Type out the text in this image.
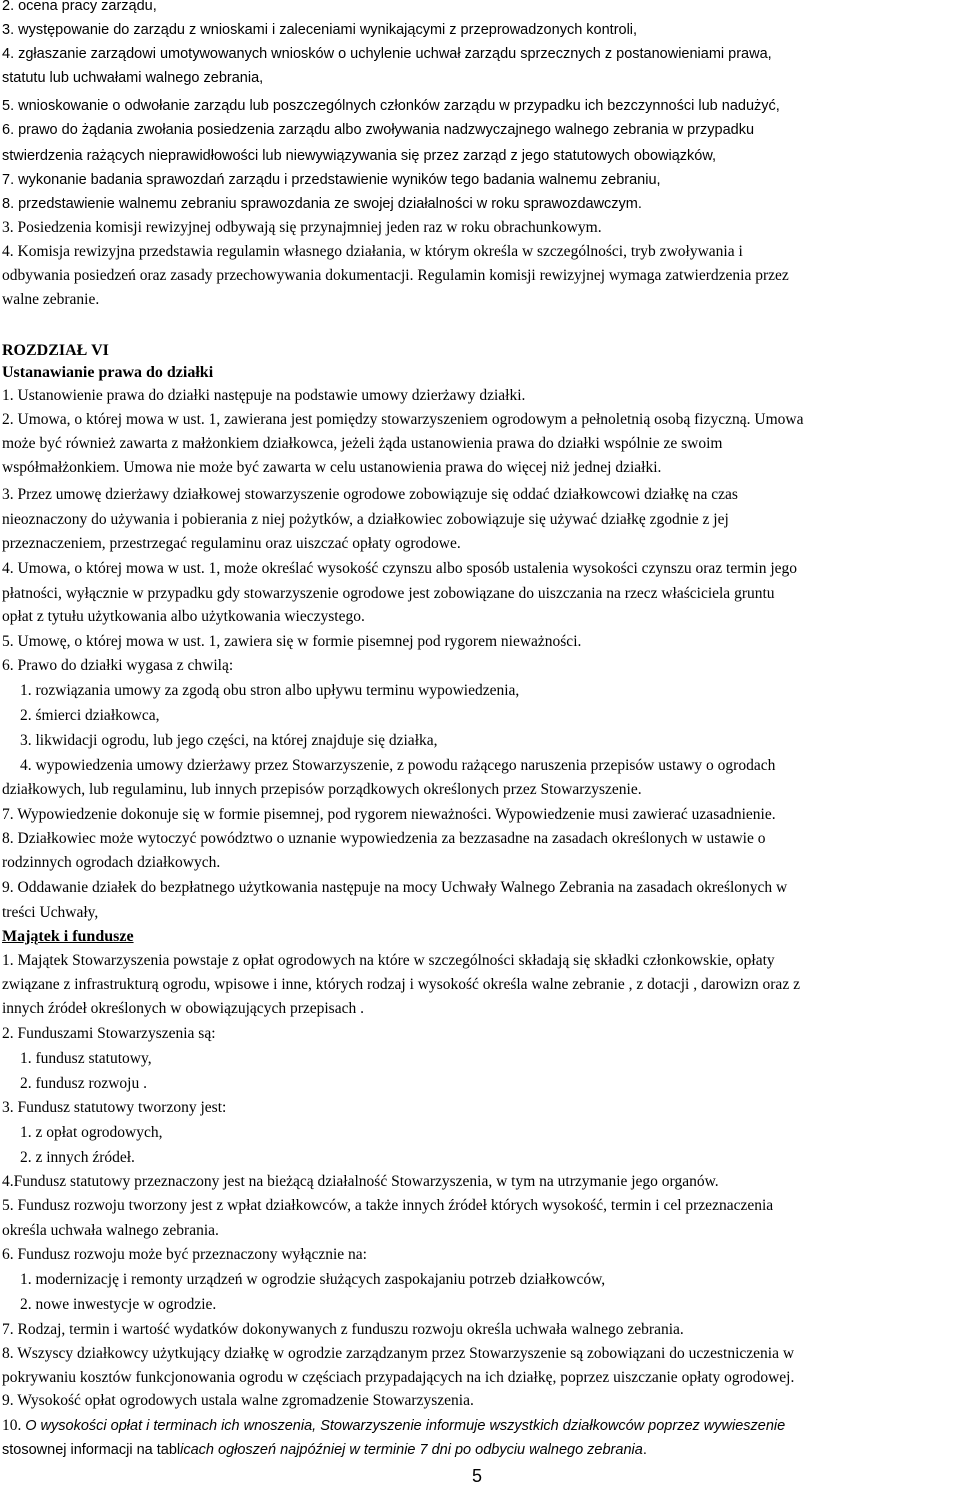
2. ocena pracy zarządu,
3. występowanie do zarządu z wnioskami i zaleceniami wynikającymi z przeprowadzonych kontroli,
4. zgłaszanie zarządowi umotywowanych wniosków o uchylenie uchwał zarządu sprzecznych z postanowieniami prawa,
statutu lub uchwałami walnego zebrania,
5. wnioskowanie o odwołanie zarządu lub poszczególnych członków zarządu w przypadku ich bezczynności lub nadużyć,
6. prawo do żądania zwołania posiedzenia zarządu albo zwoływania nadzwyczajnego walnego zebrania w przypadku
stwierdzenia rażących nieprawidłowości lub niewywiązywania się przez zarząd z jego statutowych obowiązków,
7. wykonanie badania sprawozdań zarządu i przedstawienie wyników tego badania walnemu zebraniu,
8. przedstawienie walnemu zebraniu sprawozdania ze swojej działalności w roku sprawozdawczym.
3. Posiedzenia komisji rewizyjnej odbywają się przynajmniej jeden raz w roku obrachunkowym.
4. Komisja rewizyjna przedstawia regulamin własnego działania, w którym określa w szczególności, tryb zwoływania i
odbywania posiedzeń oraz zasady przechowywania dokumentacji. Regulamin komisji rewizyjnej wymaga zatwierdzenia przez
walne zebranie.
ROZDZIAŁ VI
Ustanawianie prawa do działki
1. Ustanowienie prawa do działki następuje na podstawie umowy dzierżawy działki.
2. Umowa, o której mowa w ust. 1, zawierana jest pomiędzy stowarzyszeniem ogrodowym a pełnoletnią osobą fizyczną. Umowa
może być również zawarta z małżonkiem działkowca, jeżeli żąda ustanowienia prawa do działki wspólnie ze swoim
współmałżonkiem. Umowa nie może być zawarta w celu ustanowienia prawa do więcej niż jednej działki.
3. Przez umowę dzierżawy działkowej stowarzyszenie ogrodowe zobowiązuje się oddać działkowcowi działkę na czas
nieoznaczony do używania i pobierania z niej pożytków, a działkowiec zobowiązuje się używać działkę zgodnie z jej
przeznaczeniem, przestrzegać regulaminu oraz uiszczać opłaty ogrodowe.
4. Umowa, o której mowa w ust. 1, może określać wysokość czynszu albo sposób ustalenia wysokości czynszu oraz termin jego
płatności, wyłącznie w przypadku gdy stowarzyszenie ogrodowe jest zobowiązane do uiszczania na rzecz właściciela gruntu
opłat z tytułu użytkowania albo użytkowania wieczystego.
5. Umowę, o której mowa w ust. 1, zawiera się w formie pisemnej pod rygorem nieważności.
6. Prawo do działki wygasa z chwilą:
1. rozwiązania umowy za zgodą obu stron albo upływu terminu wypowiedzenia,
2. śmierci działkowca,
3. likwidacji ogrodu, lub jego części, na której znajduje się działka,
4. wypowiedzenia umowy dzierżawy przez Stowarzyszenie, z powodu rażącego naruszenia przepisów ustawy o ogrodach
działkowych, lub regulaminu, lub innych przepisów porządkowych określonych przez Stowarzyszenie.
7. Wypowiedzenie dokonuje się w formie pisemnej, pod rygorem nieważności. Wypowiedzenie musi zawierać uzasadnienie.
8. Działkowiec może wytoczyć powództwo o uznanie wypowiedzenia za bezzasadne na zasadach określonych w ustawie o
rodzinnych ogrodach działkowych.
9. Oddawanie działek do bezpłatnego użytkowania następuje na mocy Uchwały Walnego Zebrania na zasadach określonych w
treści Uchwały,
Majątek i fundusze
1. Majątek Stowarzyszenia powstaje z opłat ogrodowych na które w szczególności składają się składki członkowskie, opłaty
związane z infrastrukturą ogrodu, wpisowe i inne, których rodzaj i wysokość określa walne zebranie , z dotacji , darowizn oraz z
innych źródeł określonych w obowiązujących przepisach .
2. Funduszami Stowarzyszenia są:
1. fundusz statutowy,
2. fundusz rozwoju .
3. Fundusz statutowy tworzony jest:
1. z opłat ogrodowych,
2. z innych źródeł.
4.Fundusz statutowy przeznaczony jest na bieżącą działalność Stowarzyszenia, w tym na utrzymanie jego organów.
5. Fundusz rozwoju tworzony jest z wpłat działkowców, a także innych źródeł których wysokość, termin i cel przeznaczenia
określa uchwała walnego zebrania.
6. Fundusz rozwoju może być przeznaczony wyłącznie na:
1. modernizację i remonty urządzeń w ogrodzie służących zaspokajaniu potrzeb działkowców,
2. nowe inwestycje w ogrodzie.
7. Rodzaj, termin i wartość wydatków dokonywanych z funduszu rozwoju określa uchwała walnego zebrania.
8. Wszyscy działkowcy użytkujący działkę w ogrodzie zarządzanym przez Stowarzyszenie są zobowiązani do uczestniczenia w
pokrywaniu kosztów funkcjonowania ogrodu w częściach przypadających na ich działkę, poprzez uiszczanie opłaty ogrodowej.
9. Wysokość opłat ogrodowych ustala walne zgromadzenie Stowarzyszenia.
10. O wysokości opłat i terminach ich wnoszenia, Stowarzyszenie informuje wszystkich działkowców poprzez wywieszenie
stosownej informacji na tablicach ogłoszeń najpóźniej w terminie 7 dni po odbyciu walnego zebrania.
5
